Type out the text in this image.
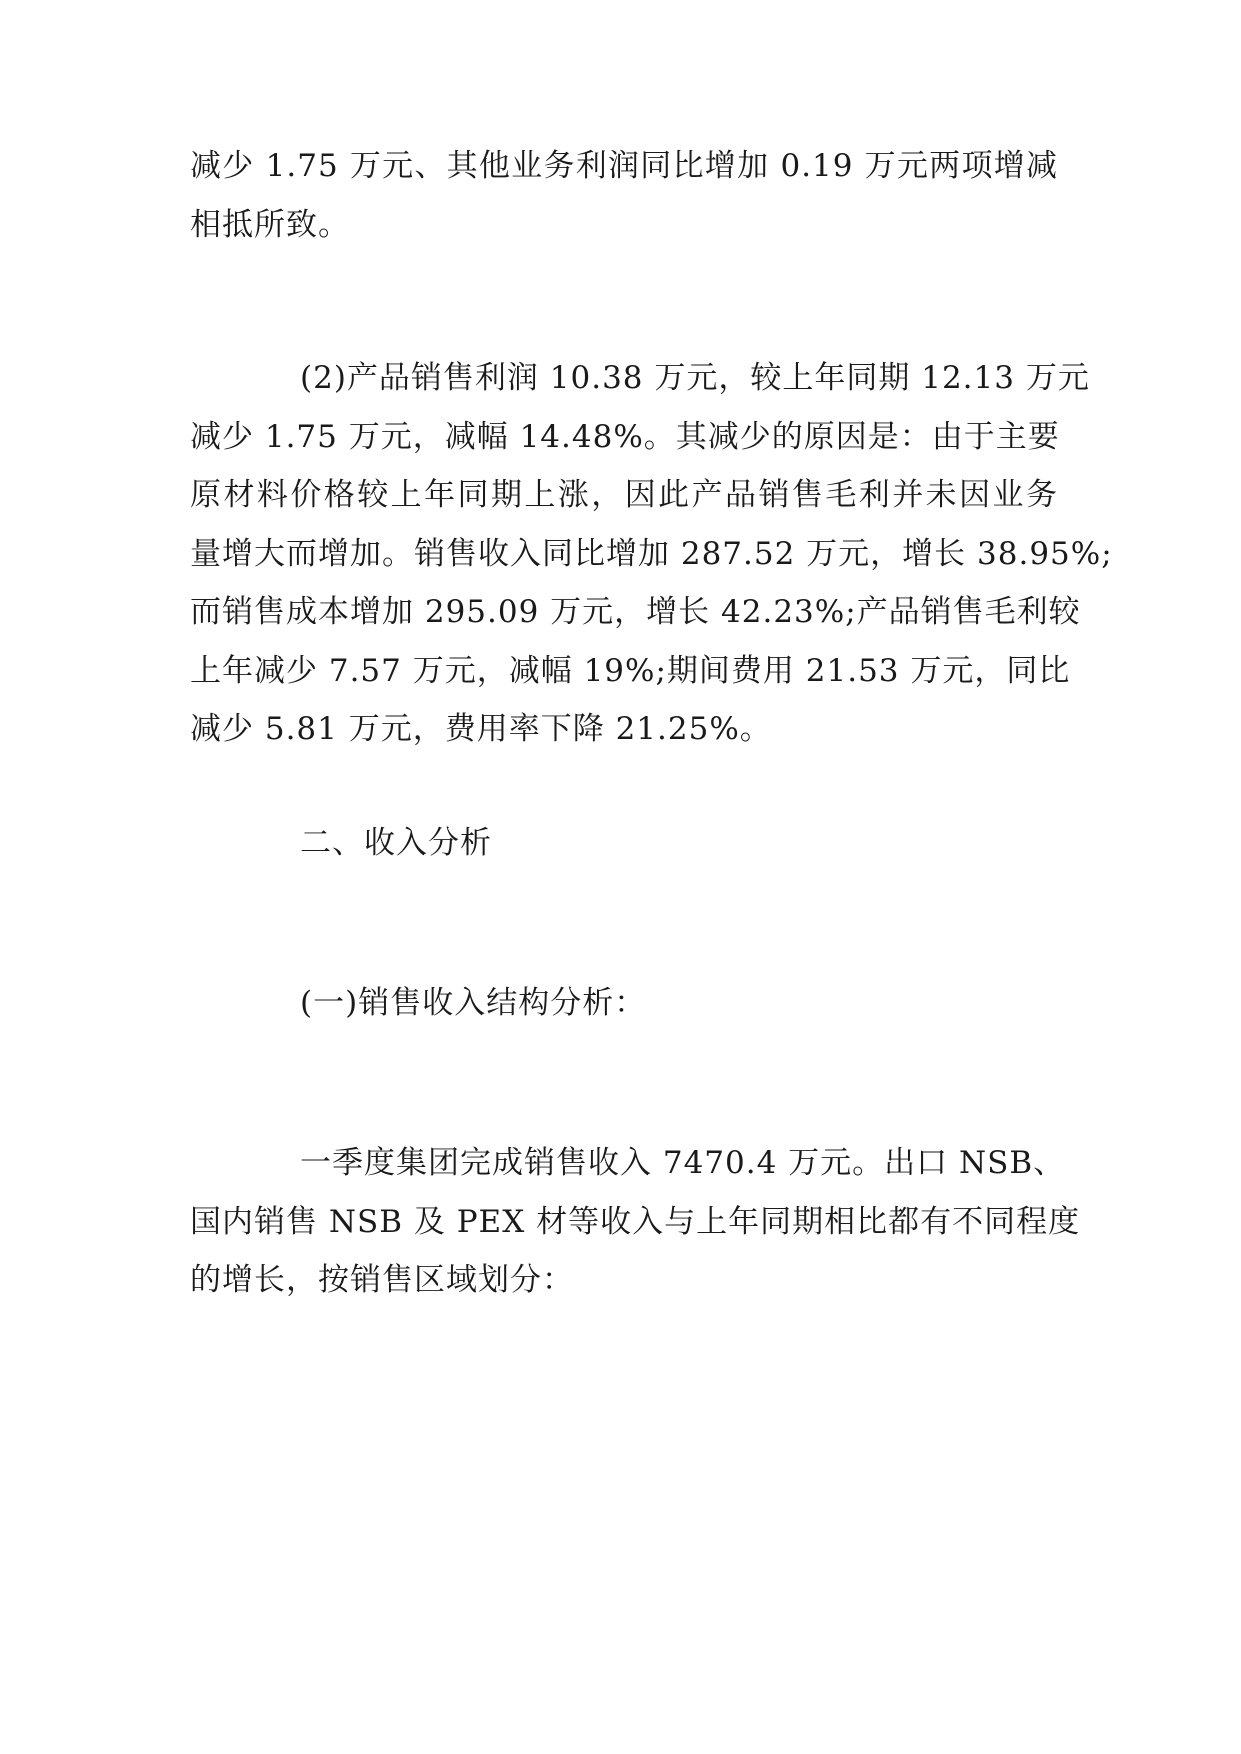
减少 1.75 万元、其他业务利润同比增加 0.19 万元两项增减
相抵所致。
(2)产品销售利润 10.38 万元，较上年同期 12.13 万元
减少 1.75 万元，减幅 14.48%。其减少的原因是：由于主要
原材料价格较上年同期上涨，因此产品销售毛利并未因业务
量增大而增加。销售收入同比增加 287.52 万元，增长 38.95%;
而销售成本增加 295.09 万元，增长 42.23%;产品销售毛利较
上年减少 7.57 万元，减幅 19%;期间费用 21.53 万元，同比
减少 5.81 万元，费用率下降 21.25%。
二、收入分析
(一)销售收入结构分析：
一季度集团完成销售收入 7470.4 万元。出口 NSB、
国内销售 NSB 及 PEX 材等收入与上年同期相比都有不同程度
的增长，按销售区域划分：
